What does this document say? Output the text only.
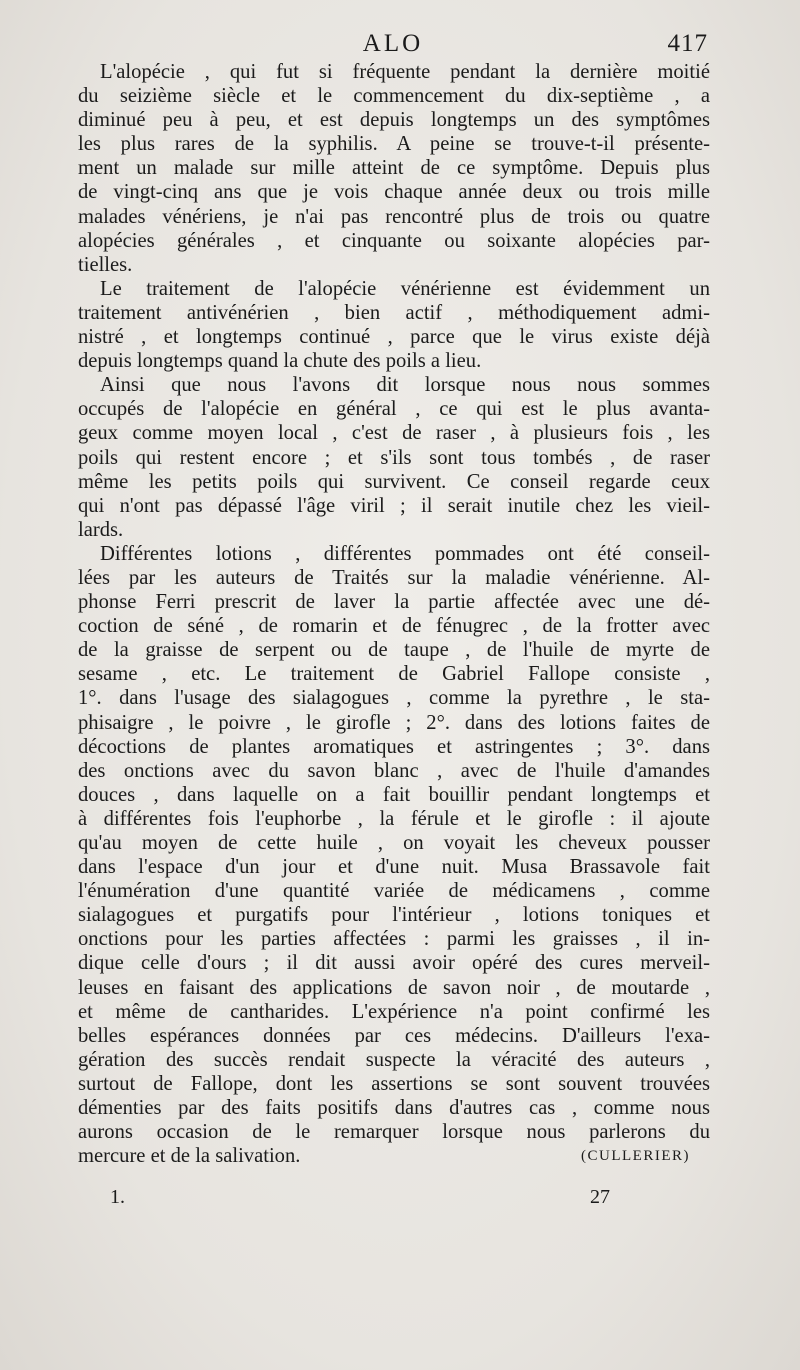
ALO	417
L'alopécie , qui fut si fréquente pendant la dernière moitié
du seizième siècle et le commencement du dix-septième , a
diminué peu à peu, et est depuis longtemps un des symptômes
les plus rares de la syphilis. A peine se trouve-t-il présente-
ment un malade sur mille atteint de ce symptôme. Depuis plus
de vingt-cinq ans que je vois chaque année deux ou trois mille
malades vénériens, je n'ai pas rencontré plus de trois ou quatre
alopécies générales , et cinquante ou soixante alopécies par-
tielles.
Le traitement de l'alopécie vénérienne est évidemment un
traitement antivénérien , bien actif , méthodiquement admi-
nistré , et longtemps continué , parce que le virus existe déjà
depuis longtemps quand la chute des poils a lieu.
Ainsi que nous l'avons dit lorsque nous nous sommes
occupés de l'alopécie en général , ce qui est le plus avanta-
geux comme moyen local , c'est de raser , à plusieurs fois , les
poils qui restent encore ; et s'ils sont tous tombés , de raser
même les petits poils qui survivent. Ce conseil regarde ceux
qui n'ont pas dépassé l'âge viril ; il serait inutile chez les vieil-
lards.
Différentes lotions , différentes pommades ont été conseil-
lées par les auteurs de Traités sur la maladie vénérienne. Al-
phonse Ferri prescrit de laver la partie affectée avec une dé-
coction de séné , de romarin et de fénugrec , de la frotter avec
de la graisse de serpent ou de taupe , de l'huile de myrte de
sesame , etc. Le traitement de Gabriel Fallope consiste ,
1°. dans l'usage des sialagogues , comme la pyrethre , le sta-
phisaigre , le poivre , le girofle ; 2°. dans des lotions faites de
décoctions de plantes aromatiques et astringentes ; 3°. dans
des onctions avec du savon blanc , avec de l'huile d'amandes
douces , dans laquelle on a fait bouillir pendant longtemps et
à différentes fois l'euphorbe , la férule et le girofle : il ajoute
qu'au moyen de cette huile , on voyait les cheveux pousser
dans l'espace d'un jour et d'une nuit. Musa Brassavole fait
l'énumération d'une quantité variée de médicamens , comme
sialagogues et purgatifs pour l'intérieur , lotions toniques et
onctions pour les parties affectées : parmi les graisses , il in-
dique celle d'ours ; il dit aussi avoir opéré des cures merveil-
leuses en faisant des applications de savon noir , de moutarde ,
et même de cantharides. L'expérience n'a point confirmé les
belles espérances données par ces médecins. D'ailleurs l'exa-
gération des succès rendait suspecte la véracité des auteurs ,
surtout de Fallope, dont les assertions se sont souvent trouvées
démenties par des faits positifs dans d'autres cas , comme nous
aurons occasion de le remarquer lorsque nous parlerons du
mercure et de la salivation.	(CULLERIER)
1.	27
